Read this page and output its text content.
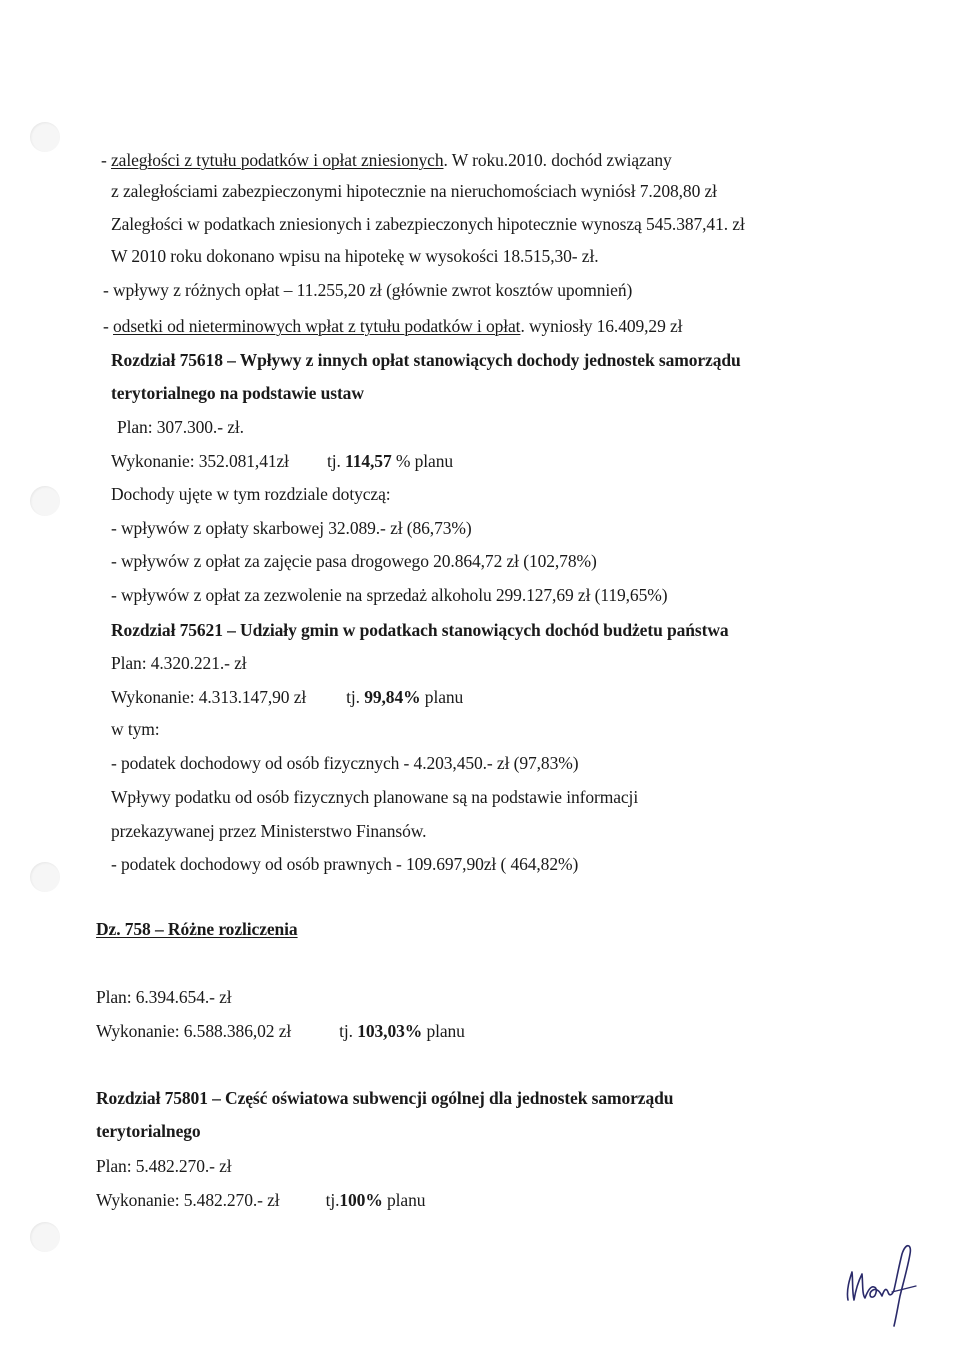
- zaległości z tytułu podatków i opłat zniesionych. W roku.2010. dochód związany
z zaległościami zabezpieczonymi hipotecznie na nieruchomościach wyniósł 7.208,80 zł
Zaległości w podatkach zniesionych i zabezpieczonych hipotecznie wynoszą 545.387,41. zł
W 2010 roku dokonano wpisu na hipotekę w wysokości 18.515,30- zł.
- wpływy z różnych opłat – 11.255,20 zł (głównie zwrot kosztów upomnień)
- odsetki od nieterminowych wpłat z tytułu podatków i opłat. wyniosły 16.409,29 zł
Rozdział 75618 – Wpływy z innych opłat stanowiących dochody jednostek samorządu
terytorialnego na podstawie ustaw
Plan: 307.300.- zł.
Wykonanie: 352.081,41zł tj. 114,57 % planu
Dochody ujęte w tym rozdziale dotyczą:
- wpływów z opłaty skarbowej 32.089.- zł (86,73%)
- wpływów z opłat za zajęcie pasa drogowego 20.864,72 zł (102,78%)
- wpływów z opłat za zezwolenie na sprzedaż alkoholu 299.127,69 zł (119,65%)
Rozdział 75621 – Udziały gmin w podatkach stanowiących dochód budżetu państwa
Plan: 4.320.221.- zł
Wykonanie: 4.313.147,90 zł tj. 99,84% planu
w tym:
- podatek dochodowy od osób fizycznych - 4.203,450.- zł (97,83%)
Wpływy podatku od osób fizycznych planowane są na podstawie informacji
przekazywanej przez Ministerstwo Finansów.
- podatek dochodowy od osób prawnych - 109.697,90zł ( 464,82%)
Dz. 758 – Różne rozliczenia
Plan: 6.394.654.- zł
Wykonanie: 6.588.386,02 zł	tj. 103,03% planu
Rozdział 75801 – Część oświatowa subwencji ogólnej dla jednostek samorządu
terytorialnego
Plan: 5.482.270.- zł
Wykonanie: 5.482.270.- zł	tj.100% planu
